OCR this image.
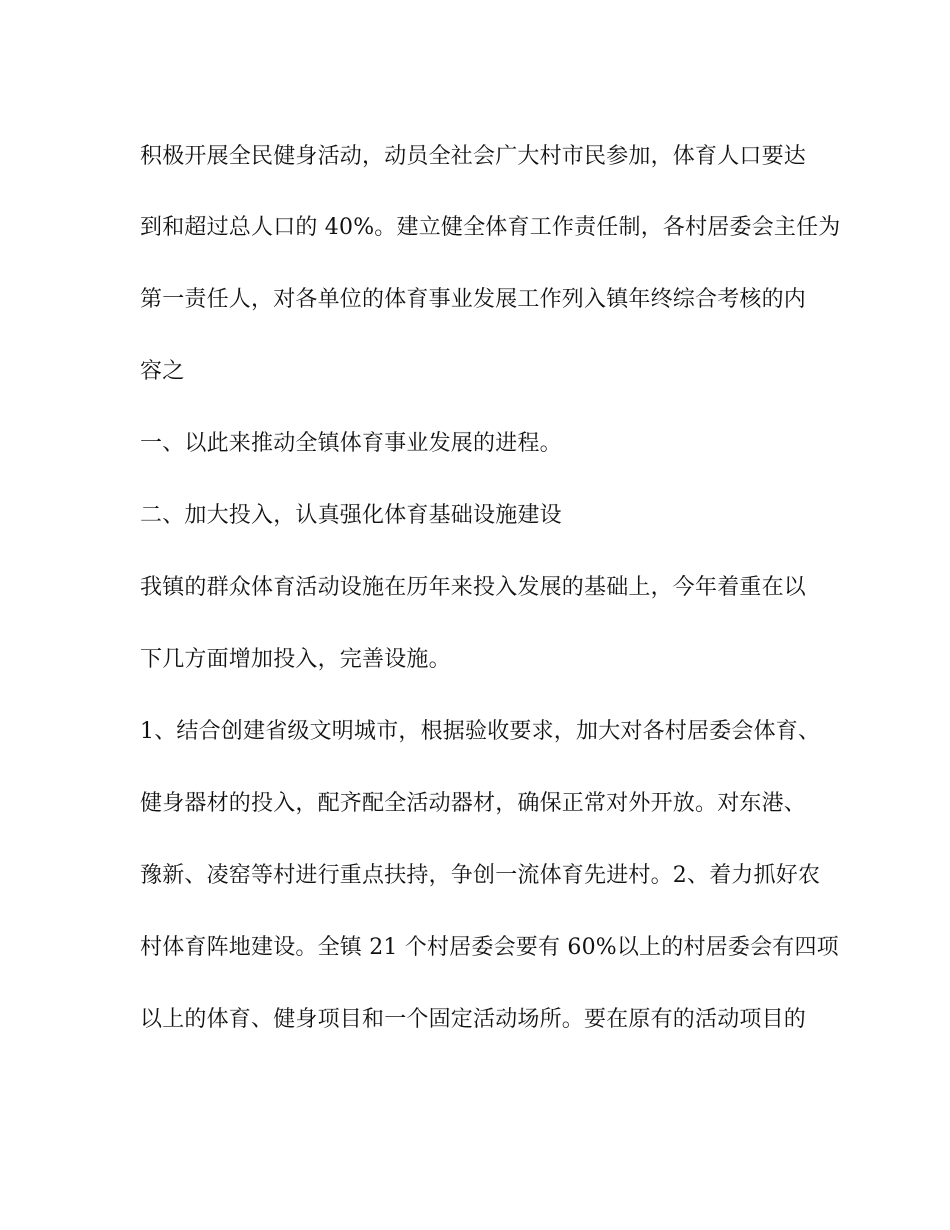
积极开展全民健身活动，动员全社会广大村市民参加，体育人口要达

到和超过总人口的 40%。建立健全体育工作责任制，各村居委会主任为

第一责任人，对各单位的体育事业发展工作列入镇年终综合考核的内

容之

一、以此来推动全镇体育事业发展的进程。

二、加大投入，认真强化体育基础设施建设

我镇的群众体育活动设施在历年来投入发展的基础上，今年着重在以

下几方面增加投入，完善设施。

1、结合创建省级文明城市，根据验收要求，加大对各村居委会体育、

健身器材的投入，配齐配全活动器材，确保正常对外开放。对东港、

豫新、凌窑等村进行重点扶持，争创一流体育先进村。2、着力抓好农

村体育阵地建设。全镇 21 个村居委会要有 60%以上的村居委会有四项

以上的体育、健身项目和一个固定活动场所。要在原有的活动项目的
